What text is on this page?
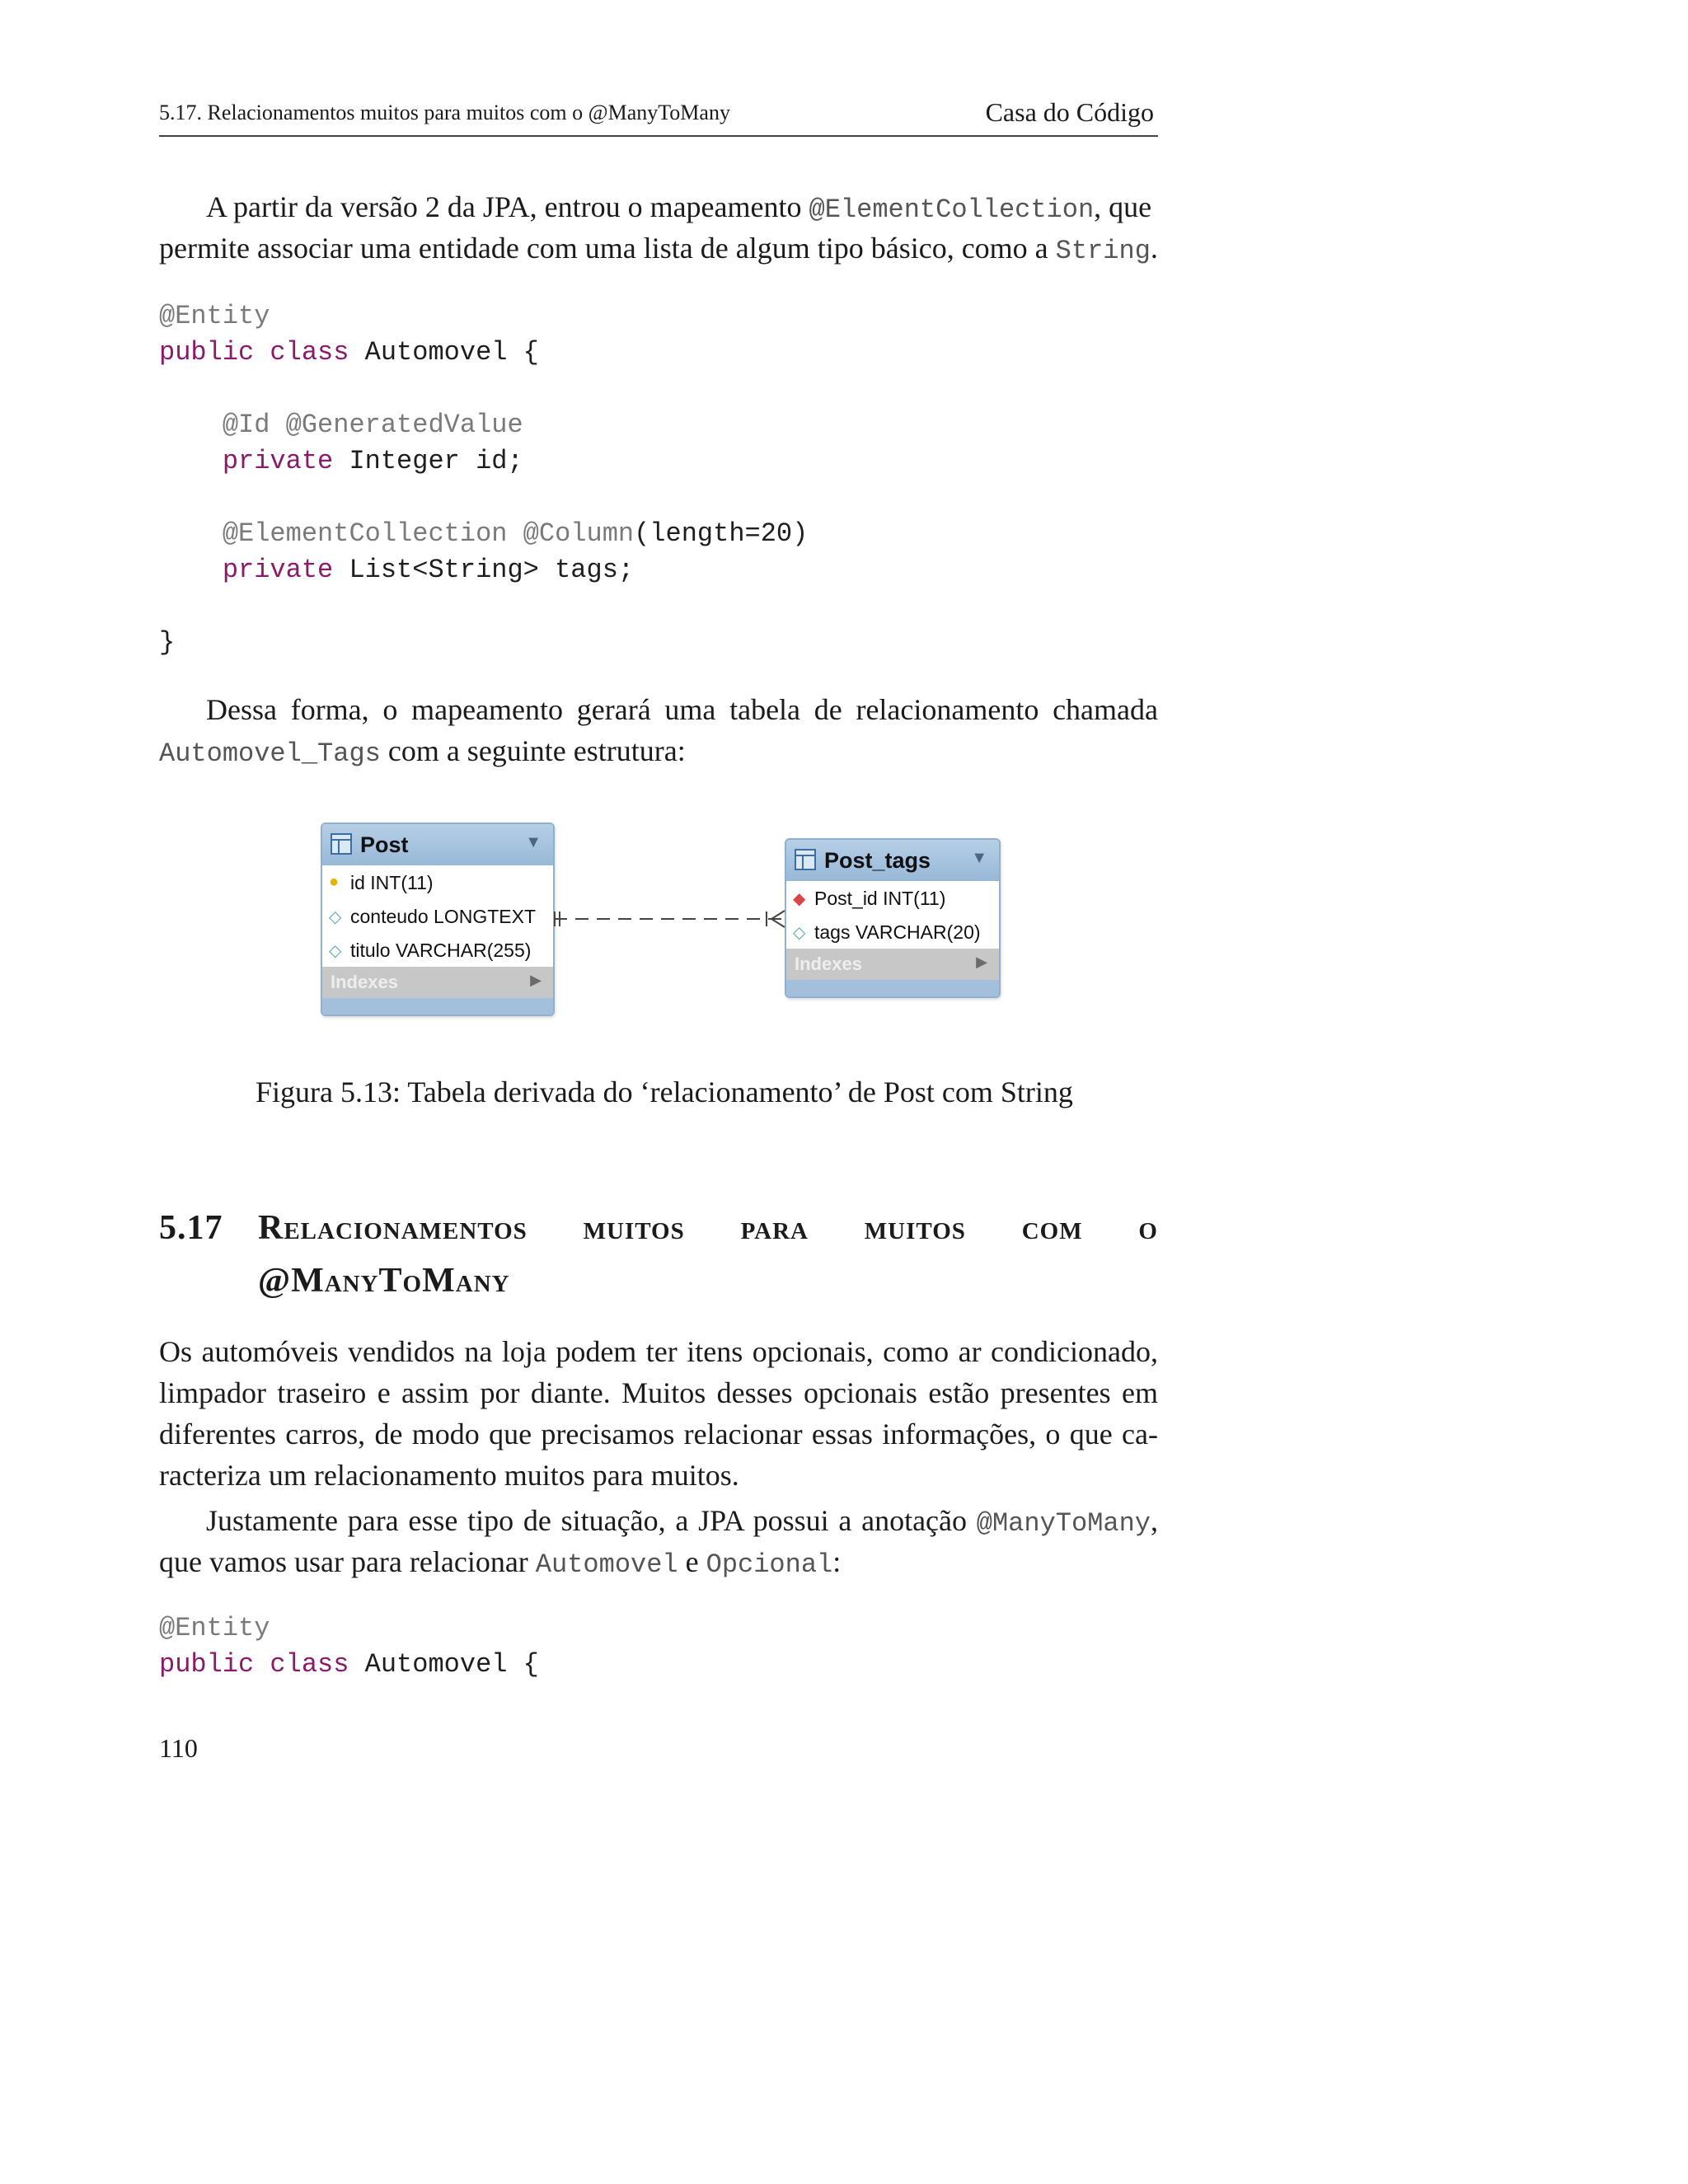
5.17. Relacionamentos muitos para muitos com o @ManyToMany	Casa do Código
A partir da versão 2 da JPA, entrou o mapeamento @ElementCollection, que
permite associar uma entidade com uma lista de algum tipo básico, como a String.
@Entity
public class Automovel {

@Id @GeneratedValue
private Integer id;

@ElementCollection @Column(length=20)
private List<String> tags;

}
Dessa forma, o mapeamento gerará uma tabela de relacionamento chamada
Automovel_Tags com a seguinte estrutura:
Post	▼
● id INT(11)
◇ conteudo LONGTEXT
◇ titulo VARCHAR(255)
Indexes	▶
Post_tags ▼
◆ Post_id INT(11)
◇ tags VARCHAR(20)
Indexes	▶
Figura 5.13: Tabela derivada do ‘relacionamento’ de Post com String
5.17 Relacionamentos muitos para muitos com o
@ManyToMany
Os automóveis vendidos na loja podem ter itens opcionais, como ar condicionado,
limpador traseiro e assim por diante. Muitos desses opcionais estão presentes em
diferentes carros, de modo que precisamos relacionar essas informações, o que ca-
racteriza um relacionamento muitos para muitos.
Justamente para esse tipo de situação, a JPA possui a anotação @ManyToMany,
que vamos usar para relacionar Automovel e Opcional:
@Entity
public class Automovel {
110
